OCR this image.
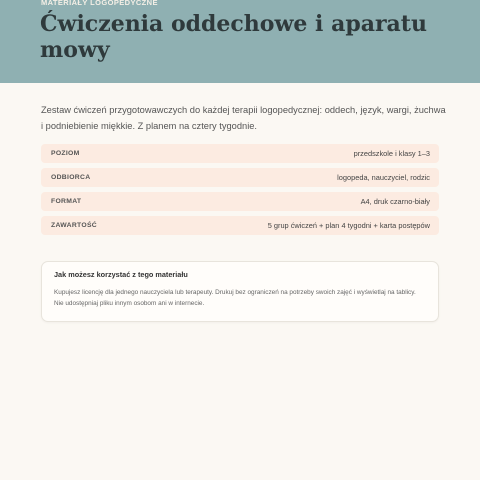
MATERIAŁY LOGOPEDYCZNE
Ćwiczenia oddechowe i aparatu mowy

Zestaw ćwiczeń przygotowawczych do każdej terapii logopedycznej: oddech, język, wargi, żuchwa i podniebienie miękkie. Z planem na cztery tygodnie.

POZIOM	przedszkole i klasy 1–3
ODBIORCA	logopeda, nauczyciel, rodzic
FORMAT	A4, druk czarno-biały
ZAWARTOŚĆ	5 grup ćwiczeń + plan 4 tygodni + karta postępów
Jak możesz korzystać z tego materiału

Kupujesz licencję dla jednego nauczyciela lub terapeuty. Drukuj bez ograniczeń na potrzeby swoich zajęć i wyświetlaj na tablicy. Nie udostępniaj pliku innym osobom ani w internecie.
